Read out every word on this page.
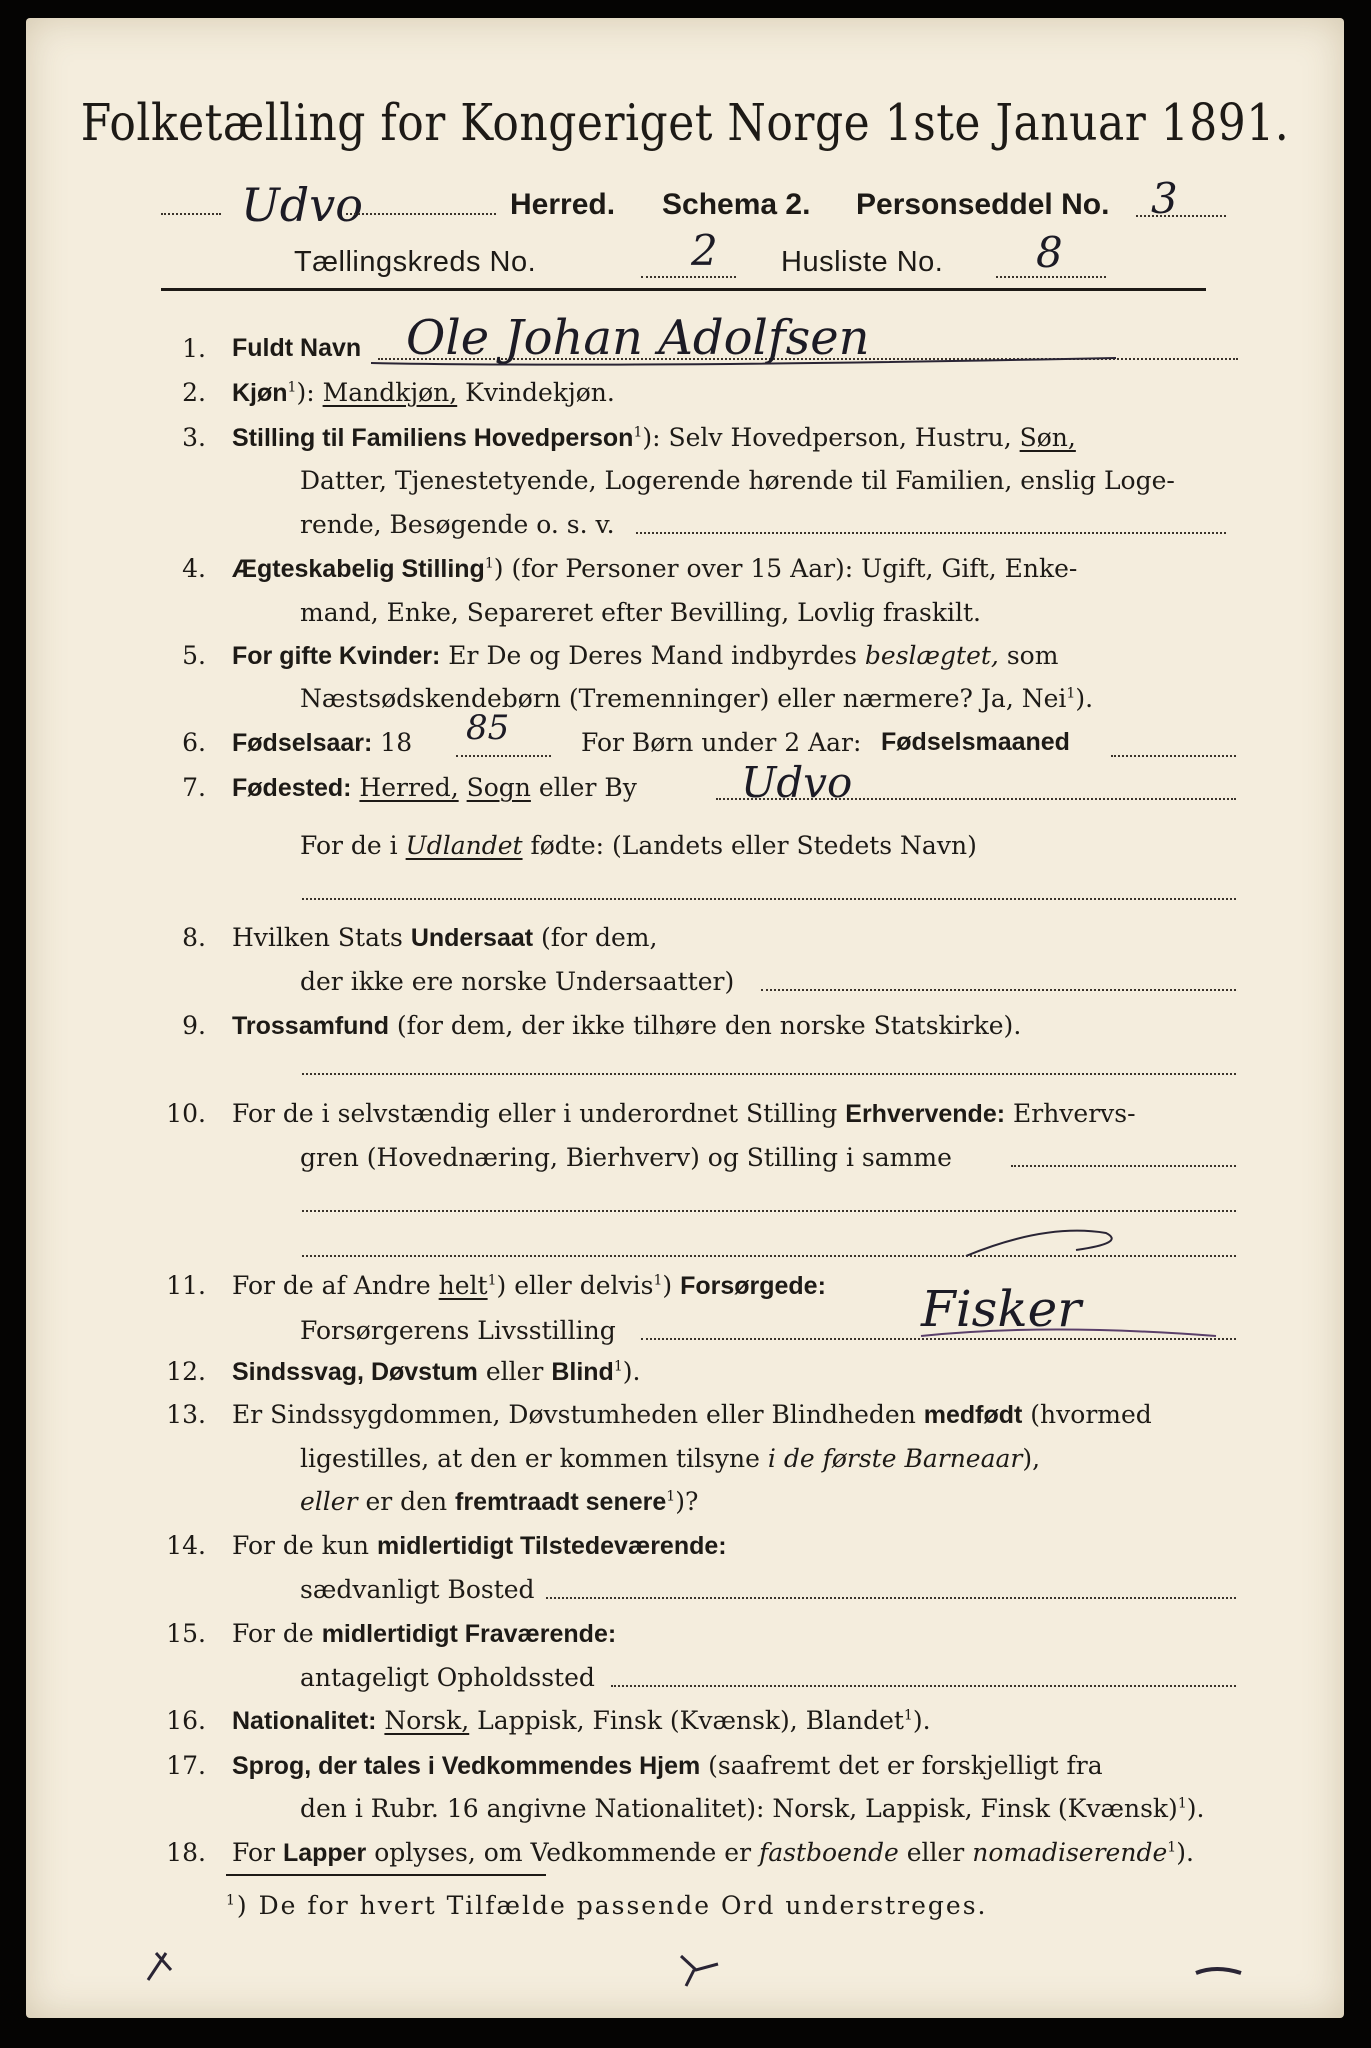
Folketælling for Kongeriget Norge 1ste Januar 1891.
Udvo	Herred. Schema 2. Personseddel No. 3
Tællingskreds No.	2 Husliste No. 8
1. Fuldt Navn Ole Johan Adolfsen
2. Kjøn$^1$): Mandkjøn, Kvindekjøn.
3. Stilling til Familiens Hovedperson$^1$): Selv Hovedperson, Hustru, Søn,
Datter, Tjenestetyende, Logerende hørende til Familien, enslig Loge-
rende, Besøgende o. s. v.
4. Ægteskabelig Stilling$^1$) (for Personer over 15 Aar): Ugift, Gift, Enke-
mand, Enke, Separeret efter Bevilling, Lovlig fraskilt.
5. For gifte Kvinder: Er De og Deres Mand indbyrdes beslægtet, som
Næstsødskendebørn (Tremenninger) eller nærmere? Ja, Nei$^1$).
6. Fødselsaar: 18	For Børn under 2 Aar: Fødselsmaaned
85
7. Fødested: Herred, Sogn eller By Udvo
For de i Udlandet fødte: (Landets eller Stedets Navn)
8. Hvilken Stats Undersaat (for dem,
der ikke ere norske Undersaatter)
9. Trossamfund (for dem, der ikke tilhøre den norske Statskirke).
10. For de i selvstændig eller i underordnet Stilling Erhvervende: Erhvervs-
gren (Hovednæring, Bierhverv) og Stilling i samme
11. For de af Andre helt$^1$) eller delvis$^1$) Forsørgede:
Forsørgerens Livsstilling	Fisker
12. Sindssvag, Døvstum eller Blind$^1$).
13. Er Sindssygdommen, Døvstumheden eller Blindheden medfødt (hvormed
ligestilles, at den er kommen tilsyne i de første Barneaar),
eller er den fremtraadt senere$^1$)?
14. For de kun midlertidigt Tilstedeværende:
sædvanligt Bosted
15. For de midlertidigt Fraværende:
antageligt Opholdssted
16. Nationalitet: Norsk, Lappisk, Finsk (Kvænsk), Blandet$^1$).
17. Sprog, der tales i Vedkommendes Hjem (saafremt det er forskjelligt fra
den i Rubr. 16 angivne Nationalitet): Norsk, Lappisk, Finsk (Kvænsk)$^1$).
18. For Lapper oplyses, om Vedkommende er fastboende eller nomadiserende$^1$).
$^1$) De for hvert Tilfælde passende Ord understreges.
